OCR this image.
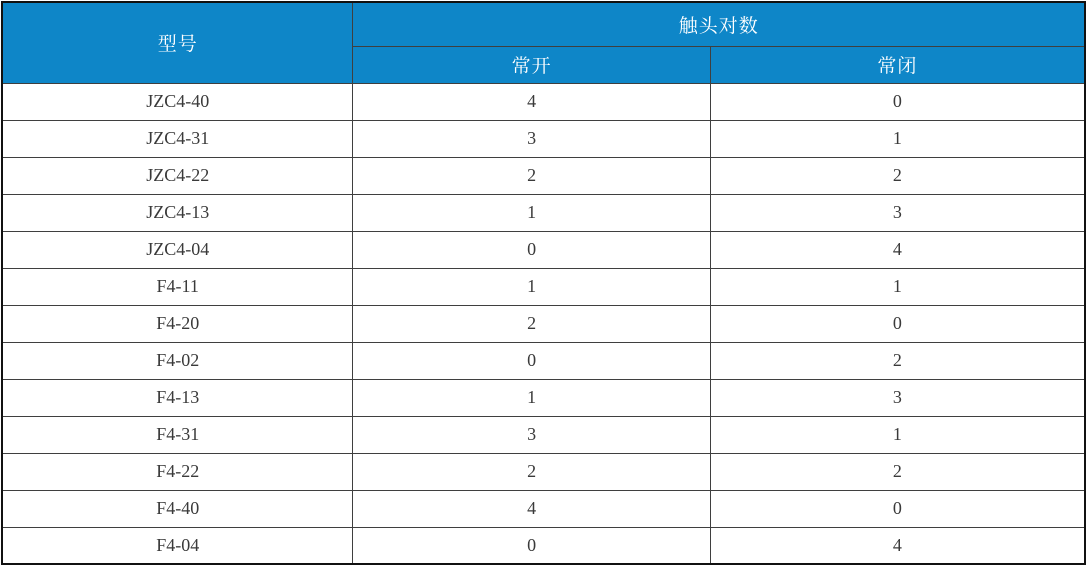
型号	触头对数	
	常开	常闭
JZC4-40	4	0
JZC4-31	3	1
JZC4-22	2	2
JZC4-13	1	3
JZC4-04	0	4
F4-11	1	1
F4-20	2	0
F4-02	0	2
F4-13	1	3
F4-31	3	1
F4-22	2	2
F4-40	4	0
F4-04	0	4
